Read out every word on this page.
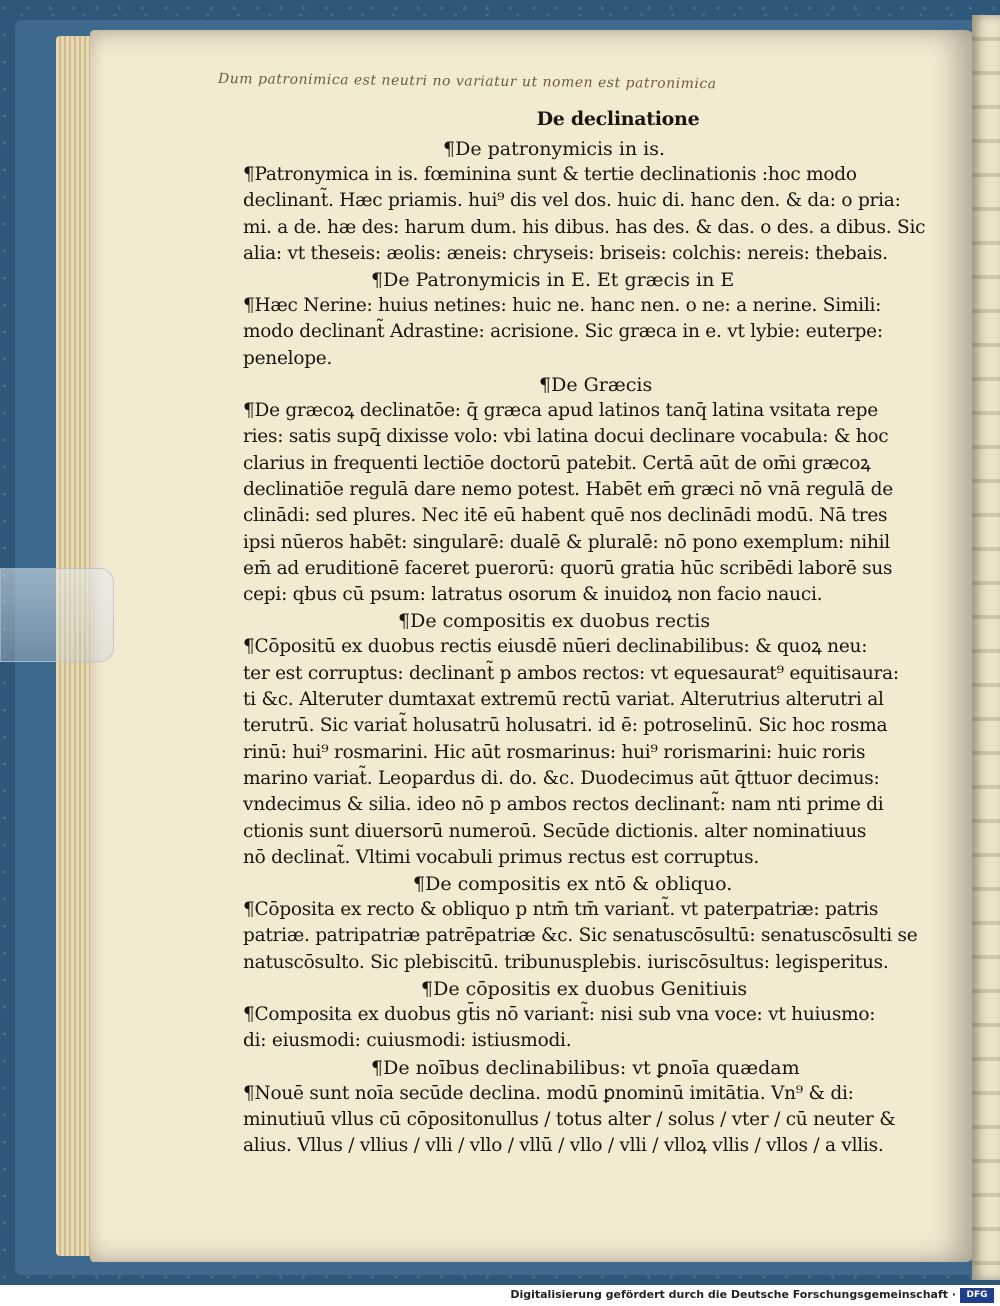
Dum patronimica est neutri no variatur ut nomen est patronimica
De declinatione
¶De patronymicis in is.
¶Patronymica in is. fœminina sunt & tertie declinationis :hoc modo
declinant̃. Hæc priamis. hui⁹ dis vel dos. huic di. hanc den. & da: o pria:
mi. a de. hæ des: harum dum. his dibus. has des. & das. o des. a dibus. Sic
alia: vt theseis: æolis: æneis: chryseis: briseis: colchis: nereis: thebais.
¶De Patronymicis in E. Et græcis in E
¶Hæc Nerine: huius netines: huic ne. hanc nen. o ne: a nerine. Simili:
modo declinant̃ Adrastine: acrisione. Sic græca in e. vt lybie: euterpe:
penelope.
¶De Græcis
¶De græcoꝝ declinatōe: q̄ græca apud latinos tanq̄ latina vsitata repe
ries: satis supq̄ dixisse volo: vbi latina docui declinare vocabula: & hoc
clarius in frequenti lectiōe doctorū patebit. Certā aūt de om̄i græcoꝝ
declinatiōe regulā dare nemo potest. Habēt em̄ græci nō vnā regulā de
clinādi: sed plures. Nec itē eū habent quē nos declinādi modū. Nā tres
ipsi nūeros habēt: singularē: dualē & pluralē: nō pono exemplum: nihil
em̄ ad eruditionē faceret puerorū: quorū gratia hūc scribēdi laborē sus
cepi: qbus cū psum: latratus osorum & inuidoꝝ non facio nauci.
¶De compositis ex duobus rectis
¶Cōpositū ex duobus rectis eiusdē nūeri declinabilibus: & quoꝝ neu:
ter est corruptus: declinant̃ p ambos rectos: vt equesaurat⁹ equitisaura:
ti &c. Alteruter dumtaxat extremū rectū variat. Alterutrius alterutri al
terutrū. Sic variat̃ holusatrū holusatri. id ē: potroselinū. Sic hoc rosma
rinū: hui⁹ rosmarini. Hic aūt rosmarinus: hui⁹ rorismarini: huic roris
marino variat̃. Leopardus di. do. &c. Duodecimus aūt q̄ttuor decimus:
vndecimus & silia. ideo nō p ambos rectos declinant̃: nam nti prime di
ctionis sunt diuersorū numeroū. Secūde dictionis. alter nominatiuus
nō declinat̃. Vltimi vocabuli primus rectus est corruptus.
¶De compositis ex ntō & obliquo.
¶Cōposita ex recto & obliquo p ntm̄ tm̄ variant̃. vt paterpatriæ: patris
patriæ. patripatriæ patrēpatriæ &c. Sic senatuscōsultū: senatuscōsulti se
natuscōsulto. Sic plebiscitū. tribunusplebis. iuriscōsultus: legisperitus.
¶De cōpositis ex duobus Genitiuis
¶Composita ex duobus gt̄is nō variant̃: nisi sub vna voce: vt huiusmo:
di: eiusmodi: cuiusmodi: istiusmodi.
¶De noībus declinabilibus: vt ꝑnoīa quædam
¶Nouē sunt noīa secūde declina. modū ꝑnominū imitātia. Vn⁹ & di:
minutiuū vllus cū cōpositonullus / totus alter / solus / vter / cū neuter &
alius. Vllus / vllius / vlli / vllo / vllū / vllo / vlli / vlloꝝ vllis / vllos / a vllis.
Digitalisierung gefördert durch die Deutsche Forschungsgemeinschaft ·	DFG
